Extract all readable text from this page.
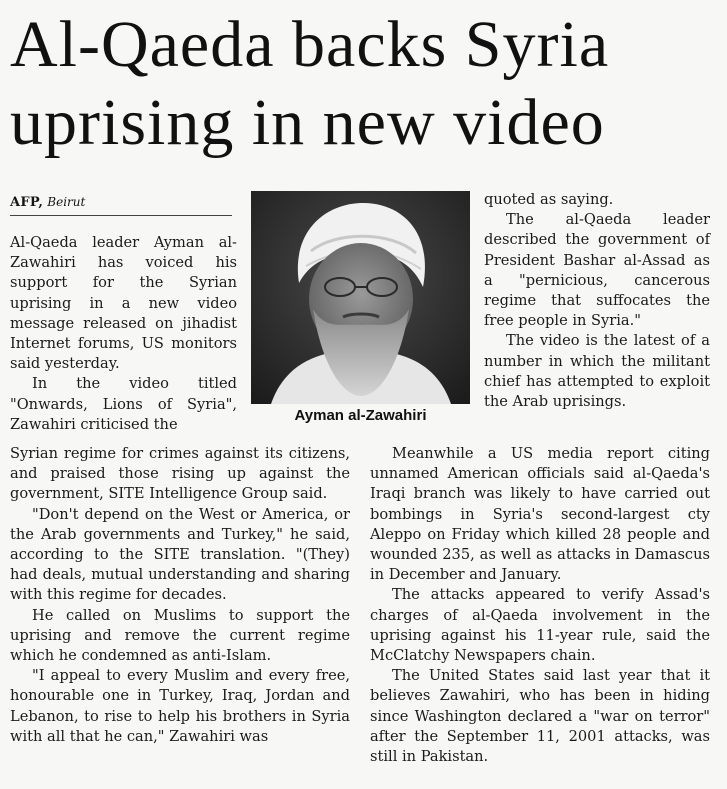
Al-Qaeda backs Syria uprising in new video
AFP, Beirut

Al-Qaeda leader Ayman al-Zawahiri has voiced his support for the Syrian uprising in a new video message released on jihadist Internet forums, US monitors said yesterday.

In the video titled "Onwards, Lions of Syria", Zawahiri criticised the

Ayman al-Zawahiri

Syrian regime for crimes against its citizens, and praised those rising up against the government, SITE Intelligence Group said.

"Don't depend on the West or America, or the Arab governments and Turkey," he said, according to the SITE translation. "(They) had deals, mutual understanding and sharing with this regime for decades.

He called on Muslims to support the uprising and remove the current regime which he condemned as anti-Islam.

"I appeal to every Muslim and every free, honourable one in Turkey, Iraq, Jordan and Lebanon, to rise to help his brothers in Syria with all that he can," Zawahiri was

quoted as saying.

The al-Qaeda leader described the government of President Bashar al-Assad as a "pernicious, cancerous regime that suffocates the free people in Syria."

The video is the latest of a number in which the militant chief has attempted to exploit the Arab uprisings.

Meanwhile a US media report citing unnamed American officials said al-Qaeda's Iraqi branch was likely to have carried out bombings in Syria's second-largest cty Aleppo on Friday which killed 28 people and wounded 235, as well as attacks in Damascus in December and January.

The attacks appeared to verify Assad's charges of al-Qaeda involvement in the uprising against his 11-year rule, said the McClatchy Newspapers chain.

The United States said last year that it believes Zawahiri, who has been in hiding since Washington declared a "war on terror" after the September 11, 2001 attacks, was still in Pakistan.
